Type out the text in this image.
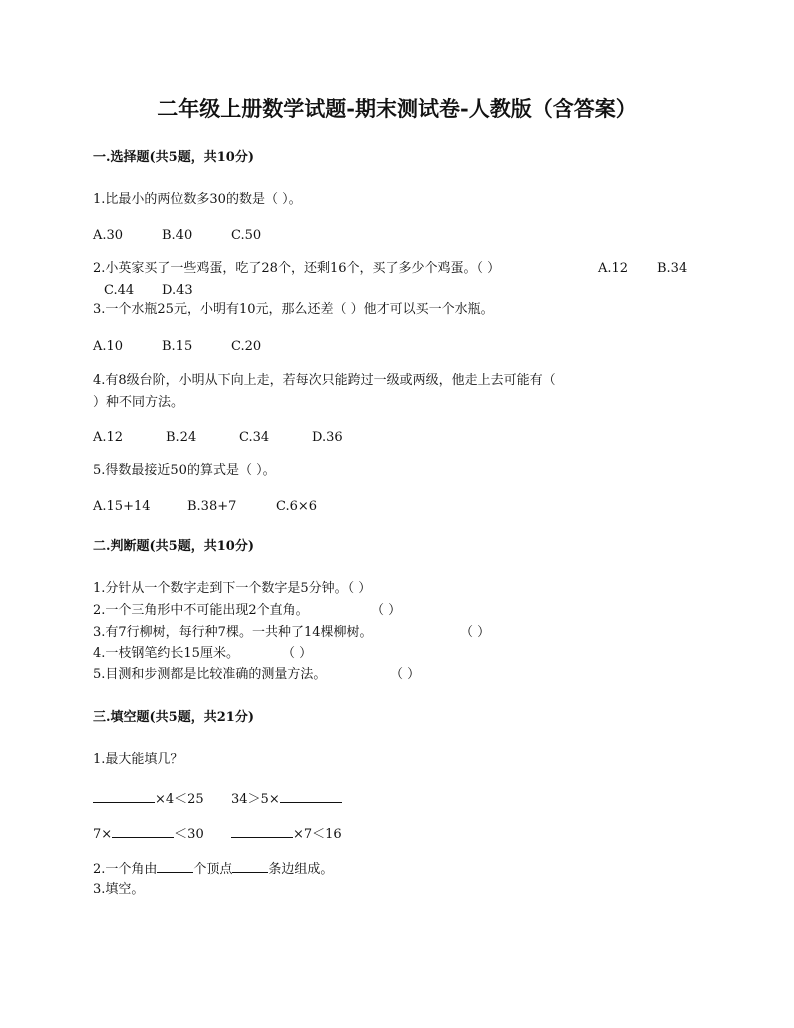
二年级上册数学试题-期末测试卷-人教版（含答案）
一.选择题(共5题，共10分)
1.比最小的两位数多30的数是（ ）。
A.30	B.40	C.50
2.小英家买了一些鸡蛋，吃了28个，还剩16个，买了多少个鸡蛋。（ ）	A.12 B.34
C.44 D.43
3.一个水瓶25元，小明有10元，那么还差（ ）他才可以买一个水瓶。
A.10	B.15	C.20
4.有8级台阶，小明从下向上走，若每次只能跨过一级或两级，他走上去可能有（
）种不同方法。
A.12	B.24	C.34	D.36
5.得数最接近50的算式是（ ）。
A.15+14	B.38+7	C.6×6
二.判断题(共5题，共10分)
1.分针从一个数字走到下一个数字是5分钟。（ ）
2.一个三角形中不可能出现2个直角。	（ ）
3.有7行柳树，每行种7棵。一共种了14棵柳树。	（ ）
4.一枝钢笔约长15厘米。	（ ）
5.目测和步测都是比较准确的测量方法。	（ ）
三.填空题(共5题，共21分)
1.最大能填几？
×4＜25 34＞5×
7×	＜30	×7＜16
2.一个角由	个顶点	条边组成。
3.填空。
